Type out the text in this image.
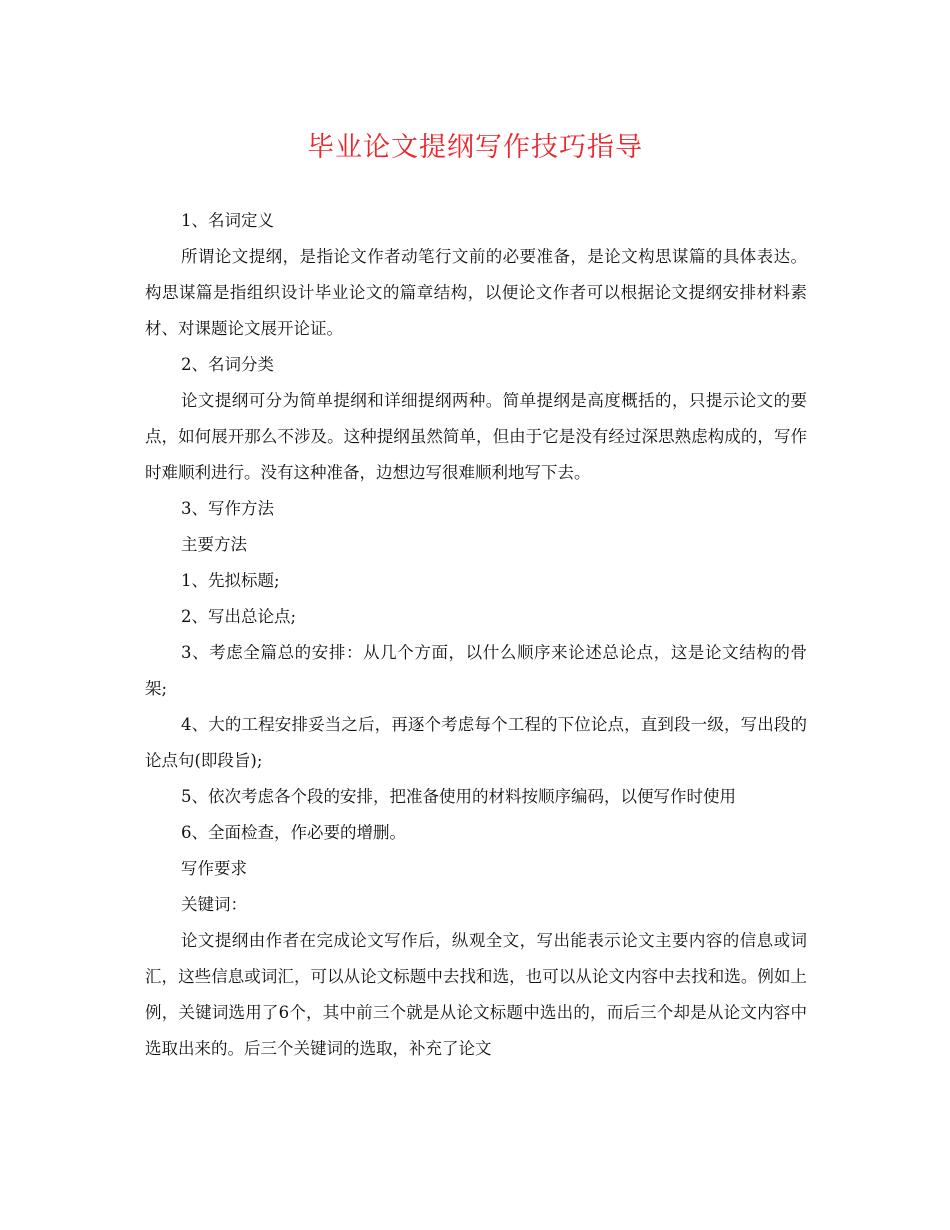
毕业论文提纲写作技巧指导

1、名词定义

所谓论文提纲，是指论文作者动笔行文前的必要准备，是论文构思谋篇的具体表达。构思谋篇是指组织设计毕业论文的篇章结构，以便论文作者可以根据论文提纲安排材料素材、对课题论文展开论证。

2、名词分类

论文提纲可分为简单提纲和详细提纲两种。简单提纲是高度概括的，只提示论文的要点，如何展开那么不涉及。这种提纲虽然简单，但由于它是没有经过深思熟虑构成的，写作时难顺利进行。没有这种准备，边想边写很难顺利地写下去。

3、写作方法

主要方法

1、先拟标题;

2、写出总论点;

3、考虑全篇总的安排：从几个方面，以什么顺序来论述总论点，这是论文结构的骨架;

4、大的工程安排妥当之后，再逐个考虑每个工程的下位论点，直到段一级，写出段的论点句(即段旨);

5、依次考虑各个段的安排，把准备使用的材料按顺序编码，以便写作时使用

6、全面检查，作必要的增删。

写作要求

关键词：

论文提纲由作者在完成论文写作后，纵观全文，写出能表示论文主要内容的信息或词汇，这些信息或词汇，可以从论文标题中去找和选，也可以从论文内容中去找和选。例如上例，关键词选用了6个，其中前三个就是从论文标题中选出的，而后三个却是从论文内容中选取出来的。后三个关键词的选取，补充了论文
